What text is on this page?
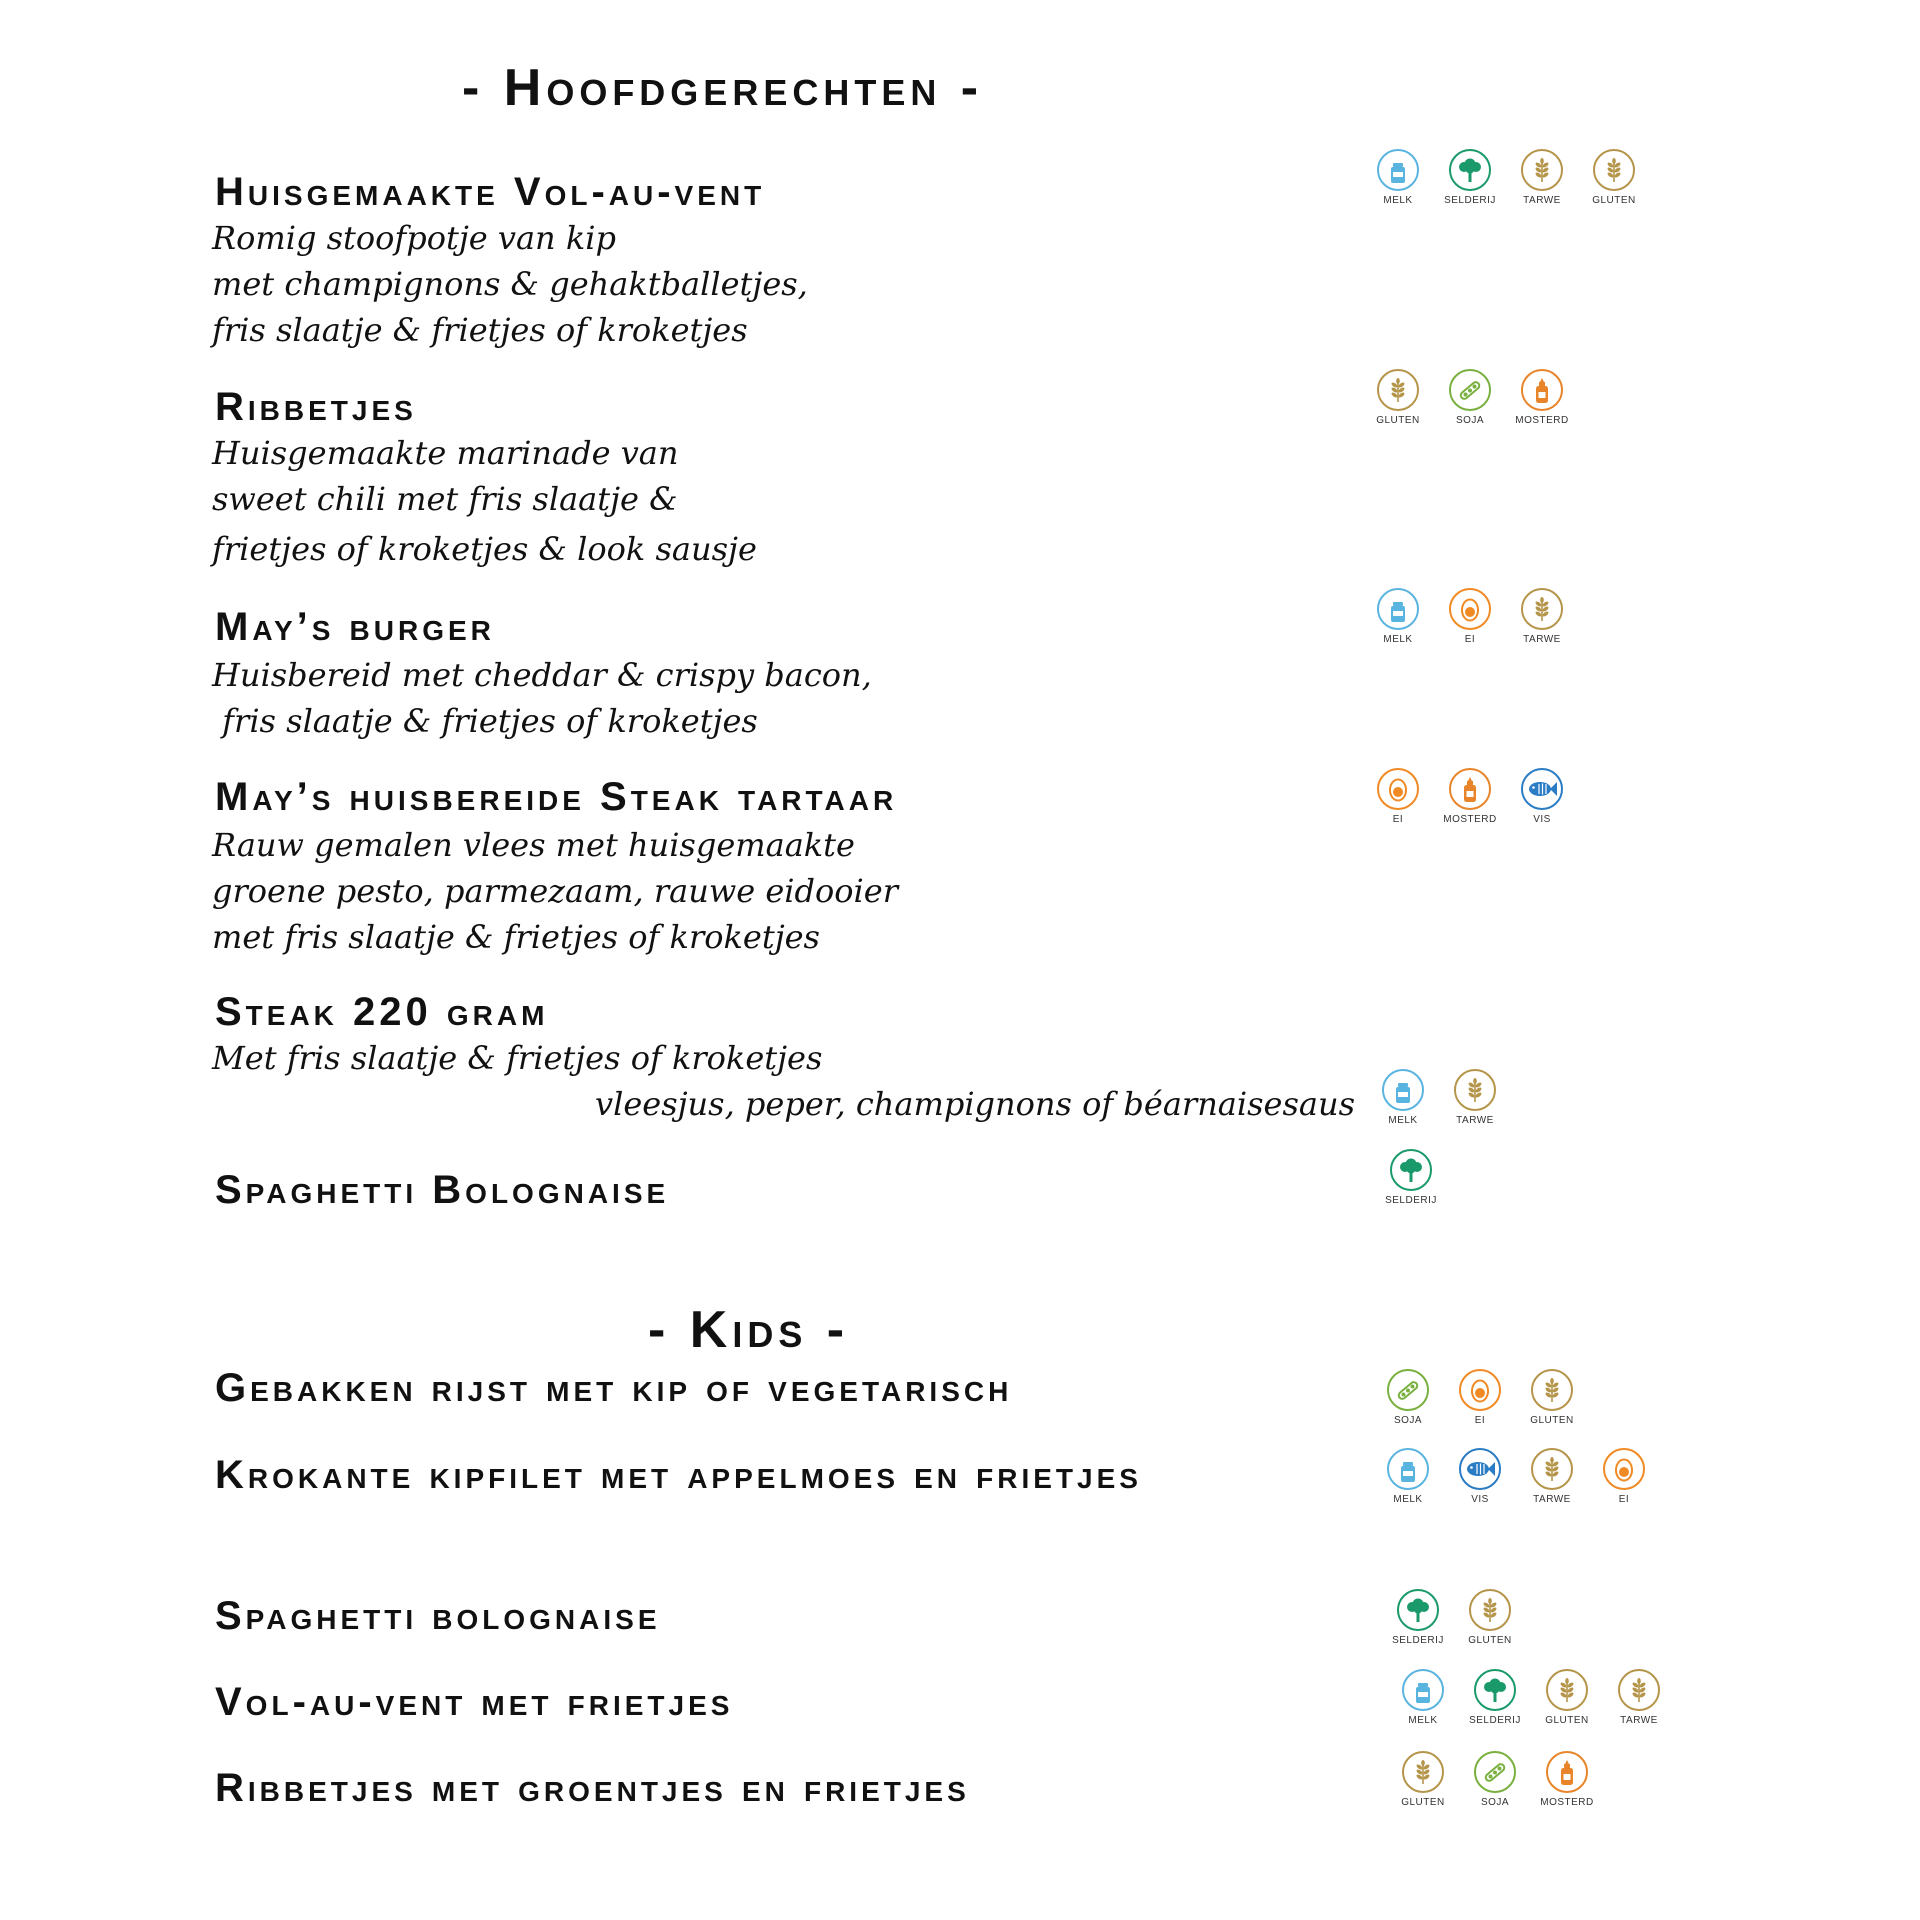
- Hoofdgerechten -
Huisgemaakte Vol-au-vent
Romig stoofpotje van kip
met champignons & gehaktballetjes,
fris slaatje & frietjes of kroketjes
MELK	SELDERIJ	TARWE	GLUTEN
Ribbetjes
Huisgemaakte marinade van
sweet chili met fris slaatje &
frietjes of kroketjes & look sausje
GLUTEN	SOJA	MOSTERD
May’s burger
Huisbereid met cheddar & crispy bacon,
fris slaatje & frietjes of kroketjes
MELK	EI	TARWE
May’s huisbereide Steak tartaar
Rauw gemalen vlees met huisgemaakte
groene pesto, parmezaam, rauwe eidooier
met fris slaatje & frietjes of kroketjes
EI	MOSTERD	VIS
Steak 220 gram
Met fris slaatje & frietjes of kroketjes
vleesjus, peper, champignons of béarnaisesaus	MELK	TARWE
Spaghetti Bolognaise	SELDERIJ
- Kids -
Gebakken rijst met kip of vegetarisch
SOJA	EI	GLUTEN
Krokante kipfilet met appelmoes en frietjes
MELK	VIS	TARWE	EI
Spaghetti bolognaise
SELDERIJ GLUTEN
Vol-au-vent met frietjes	MELK	SELDERIJ GLUTEN	TARWE
Ribbetjes met groentjes en frietjes	GLUTEN	SOJA	MOSTERD
